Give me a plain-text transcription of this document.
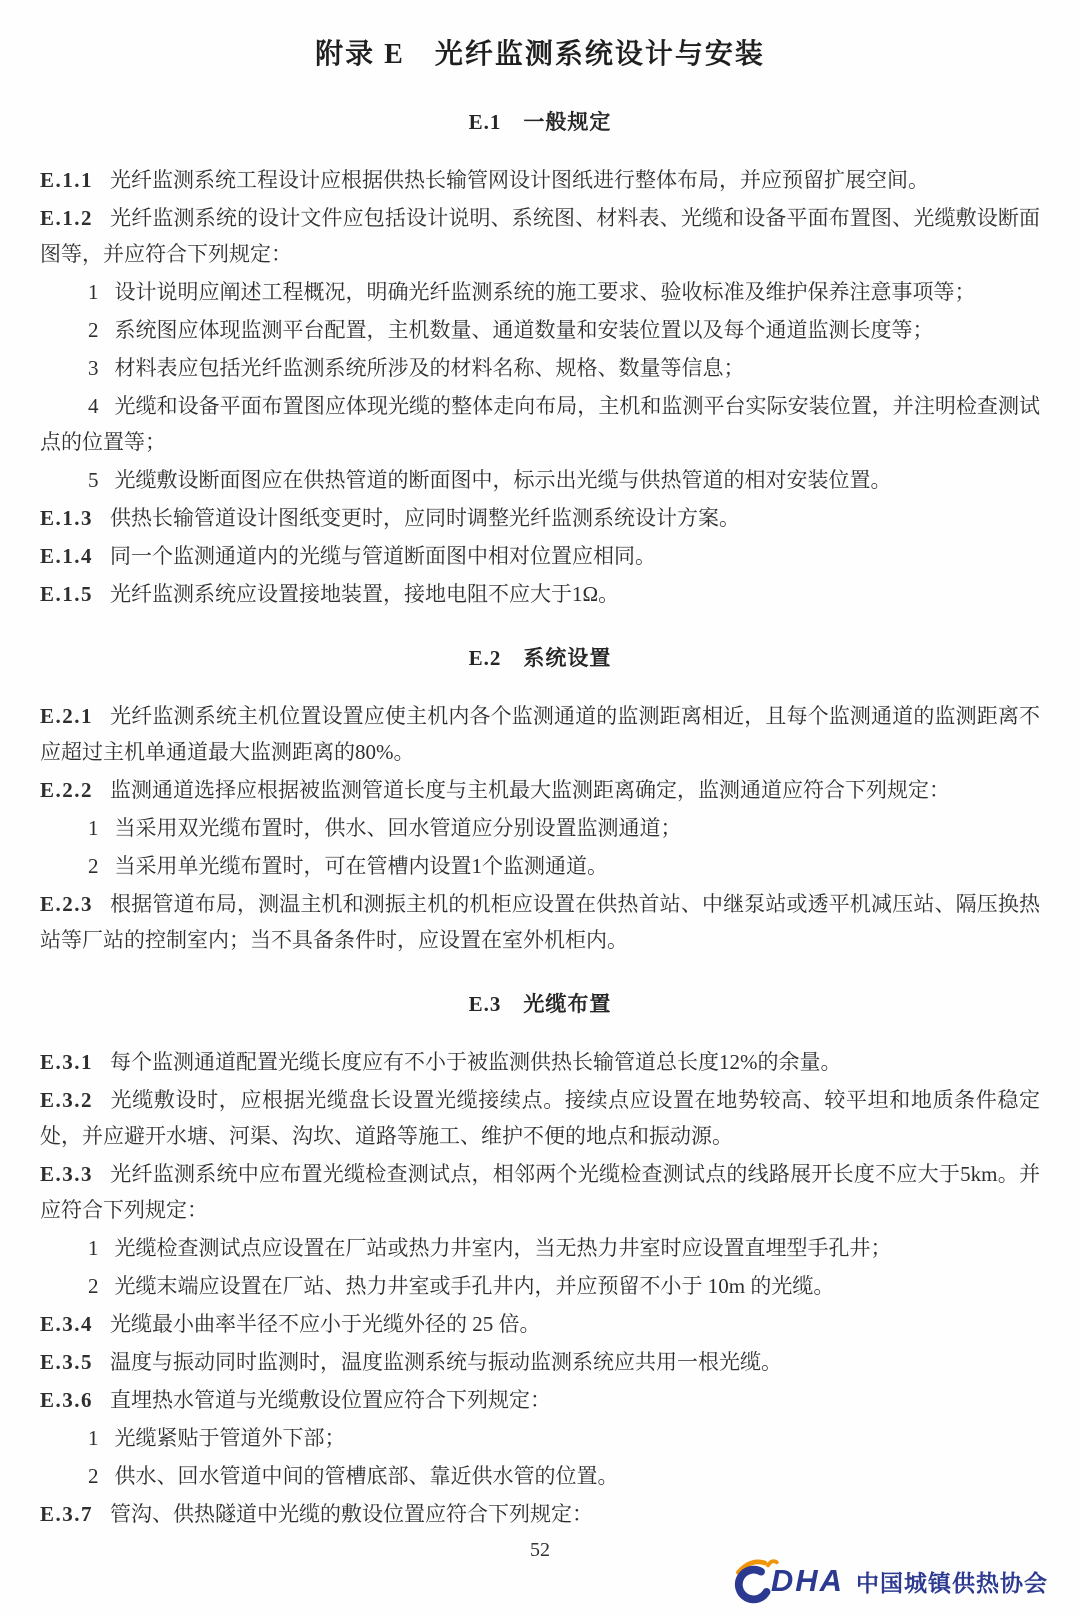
附录 E　光纤监测系统设计与安装
E.1　一般规定

E.1.1 光纤监测系统工程设计应根据供热长输管网设计图纸进行整体布局，并应预留扩展空间。

E.1.2 光纤监测系统的设计文件应包括设计说明、系统图、材料表、光缆和设备平面布置图、光缆敷设断面图等，并应符合下列规定：

1 设计说明应阐述工程概况，明确光纤监测系统的施工要求、验收标准及维护保养注意事项等；

2 系统图应体现监测平台配置，主机数量、通道数量和安装位置以及每个通道监测长度等；

3 材料表应包括光纤监测系统所涉及的材料名称、规格、数量等信息；

4 光缆和设备平面布置图应体现光缆的整体走向布局，主机和监测平台实际安装位置，并注明检查测试点的位置等；

5 光缆敷设断面图应在供热管道的断面图中，标示出光缆与供热管道的相对安装位置。

E.1.3 供热长输管道设计图纸变更时，应同时调整光纤监测系统设计方案。

E.1.4 同一个监测通道内的光缆与管道断面图中相对位置应相同。

E.1.5 光纤监测系统应设置接地装置，接地电阻不应大于1Ω。

E.2　系统设置

E.2.1 光纤监测系统主机位置设置应使主机内各个监测通道的监测距离相近，且每个监测通道的监测距离不应超过主机单通道最大监测距离的80%。

E.2.2 监测通道选择应根据被监测管道长度与主机最大监测距离确定，监测通道应符合下列规定：

1 当采用双光缆布置时，供水、回水管道应分别设置监测通道；

2 当采用单光缆布置时，可在管槽内设置1个监测通道。

E.2.3 根据管道布局，测温主机和测振主机的机柜应设置在供热首站、中继泵站或透平机减压站、隔压换热站等厂站的控制室内；当不具备条件时，应设置在室外机柜内。

E.3　光缆布置

E.3.1 每个监测通道配置光缆长度应有不小于被监测供热长输管道总长度12%的余量。

E.3.2 光缆敷设时，应根据光缆盘长设置光缆接续点。接续点应设置在地势较高、较平坦和地质条件稳定处，并应避开水塘、河渠、沟坎、道路等施工、维护不便的地点和振动源。

E.3.3 光纤监测系统中应布置光缆检查测试点，相邻两个光缆检查测试点的线路展开长度不应大于5km。并应符合下列规定：

1 光缆检查测试点应设置在厂站或热力井室内，当无热力井室时应设置直埋型手孔井；

2 光缆末端应设置在厂站、热力井室或手孔井内，并应预留不小于 10m 的光缆。

E.3.4 光缆最小曲率半径不应小于光缆外径的 25 倍。

E.3.5 温度与振动同时监测时，温度监测系统与振动监测系统应共用一根光缆。

E.3.6 直埋热水管道与光缆敷设位置应符合下列规定：

1 光缆紧贴于管道外下部；

2 供水、回水管道中间的管槽底部、靠近供水管的位置。

E.3.7 管沟、供热隧道中光缆的敷设位置应符合下列规定：

52
DHA 中国城镇供热协会
